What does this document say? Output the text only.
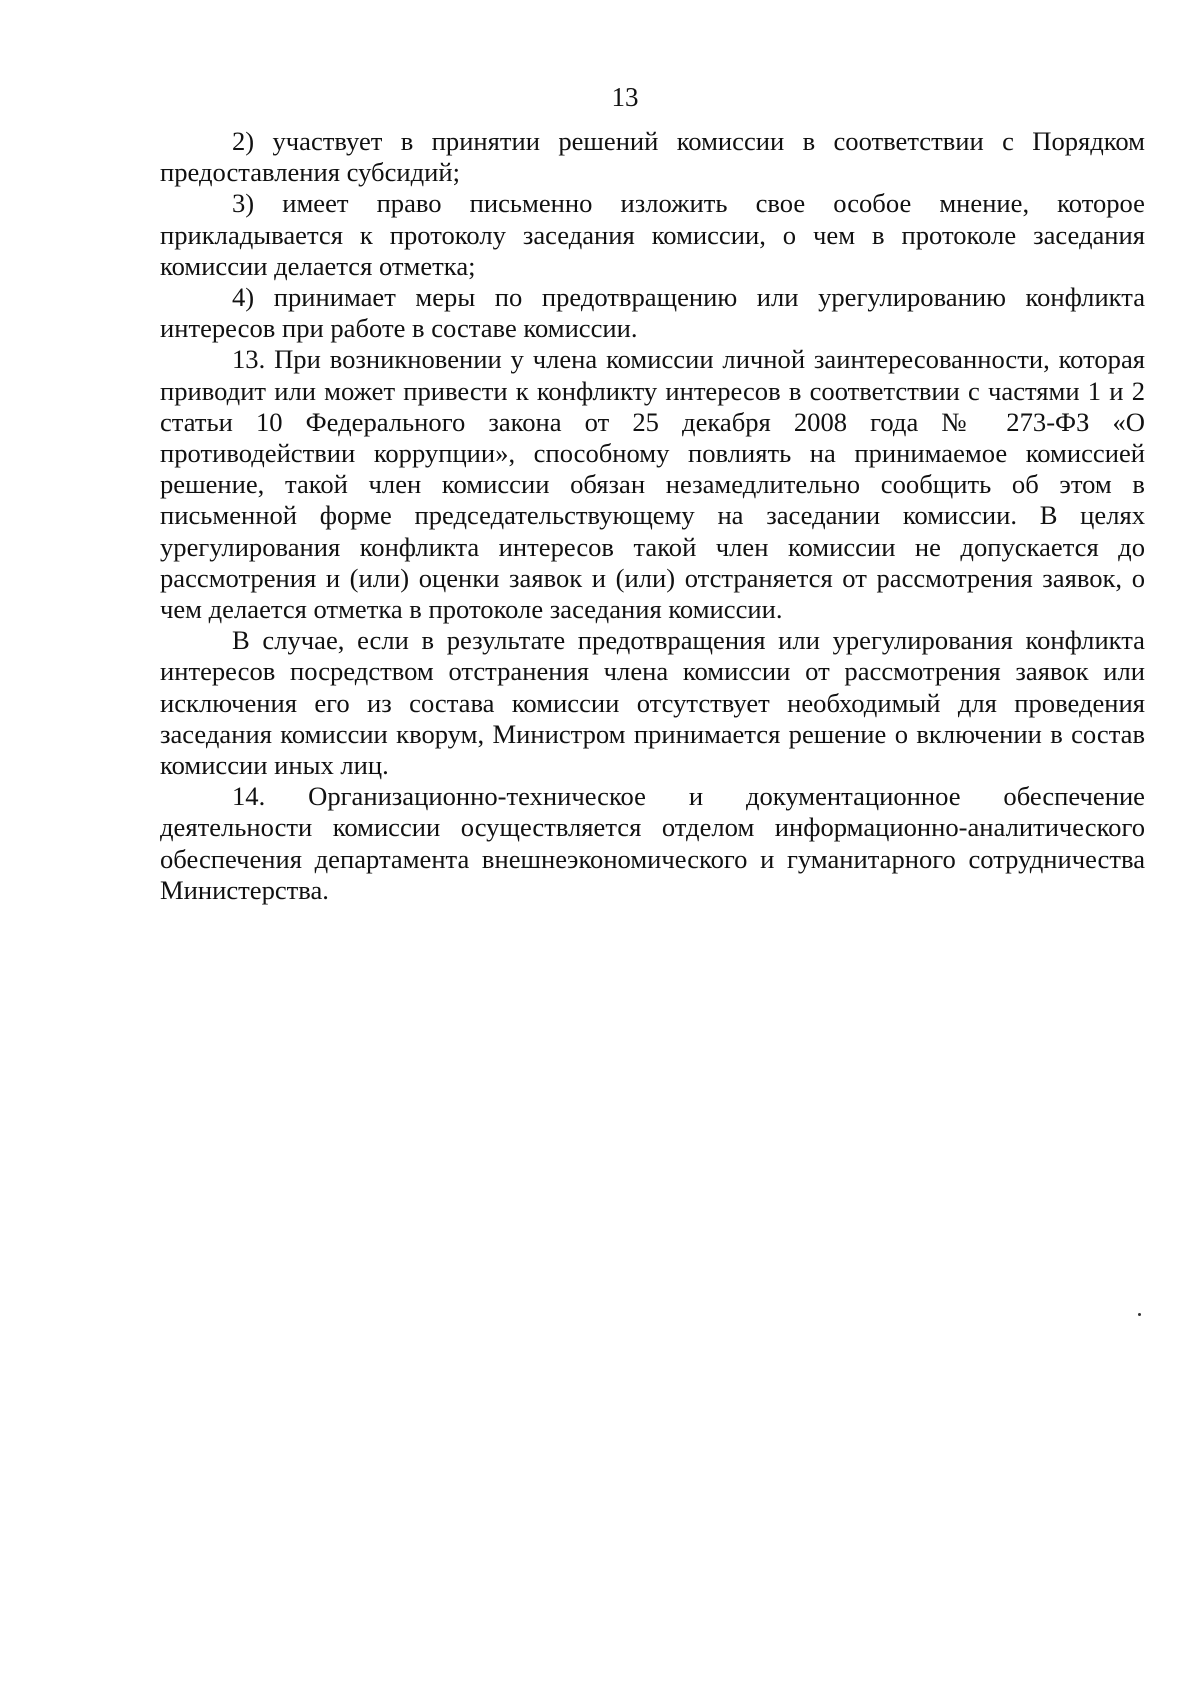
13

2) участвует в принятии решений комиссии в соответствии с Порядком предоставления субсидий;

3) имеет право письменно изложить свое особое мнение, которое прикладывается к протоколу заседания комиссии, о чем в протоколе заседания комиссии делается отметка;

4) принимает меры по предотвращению или урегулированию конфликта интересов при работе в составе комиссии.

13. При возникновении у члена комиссии личной заинтересованности, которая приводит или может привести к конфликту интересов в соответствии с частями 1 и 2 статьи 10 Федерального закона от 25 декабря 2008 года № 273-ФЗ «О противодействии коррупции», способному повлиять на принимаемое комиссией решение, такой член комиссии обязан незамедлительно сообщить об этом в письменной форме председательствующему на заседании комиссии. В целях урегулирования конфликта интересов такой член комиссии не допускается до рассмотрения и (или) оценки заявок и (или) отстраняется от рассмотрения заявок, о чем делается отметка в протоколе заседания комиссии.

В случае, если в результате предотвращения или урегулирования конфликта интересов посредством отстранения члена комиссии от рассмотрения заявок или исключения его из состава комиссии отсутствует необходимый для проведения заседания комиссии кворум, Министром принимается решение о включении в состав комиссии иных лиц.

14. Организационно-техническое и документационное обеспечение деятельности комиссии осуществляется отделом информационно-аналитического обеспечения департамента внешнеэкономического и гуманитарного сотрудничества Министерства.
